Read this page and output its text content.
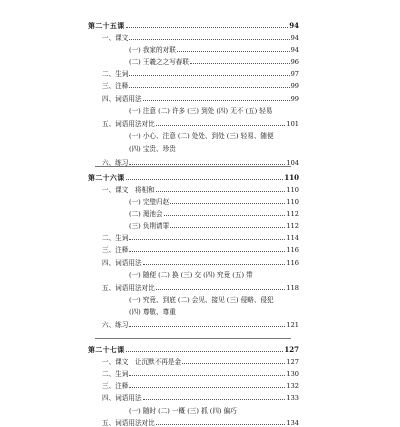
第二十五课	94
一、课文	94
(一) 我家的对联	94
(二) 王羲之之写春联	96
二、生词	97
三、注释	99
四、词语用法	99
(一) 注意 (二) 许多 (三) 到处 (四) 无不 (五) 轻易
五、词语用法对比	101
(一) 小心、注意 (二) 处处、到处 (三) 轻易、随便
(四) 宝贵、珍贵
六、练习	104
第二十六课	110
一、课文　将相和	110
(一) 完璧归赵	110
(二) 渑池会	112
(三) 负荆请罪	112
二、生词	114
三、注释	116
四、词语用法	116
(一) 随便 (二) 换 (三) 交 (四) 究竟 (五) 带
五、词语用法对比	118
(一) 究竟、到底 (二) 会见、接见 (三) 侵略、侵犯
(四) 尊敬、尊重
六、练习	121
第二十七课	127
一、课文　让沉默不再是金	127
二、生词	130
三、注释	132
四、词语用法	133
(一) 随时 (二) 一概 (三) 抓 (四) 偏巧
五、词语用法对比	134
